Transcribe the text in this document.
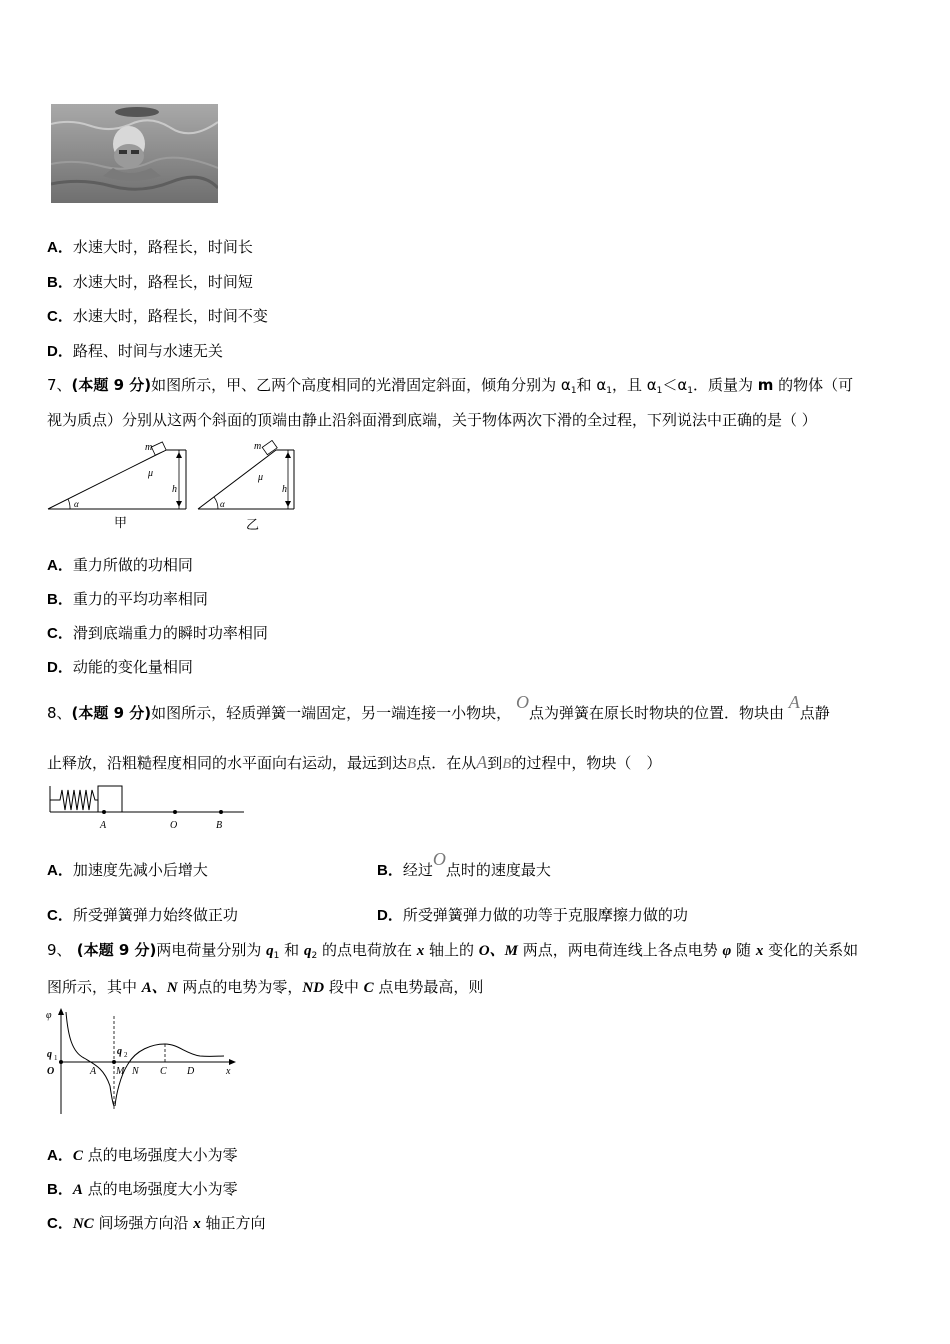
A．水速大时，路程长，时间长
B．水速大时，路程长，时间短
C．水速大时，路程长，时间不变
D．路程、时间与水速无关
7、(本题 9 分)如图所示，甲、乙两个高度相同的光滑固定斜面，倾角分别为 $\alpha_1$和 $\alpha_1$，且 $\alpha_1<\alpha_1$．质量为 m 的物体（可
视为质点）分别从这两个斜面的顶端由静止沿斜面滑到底端，关于物体两次下滑的全过程，下列说法中正确的是（ ）
m
μ
h
α
甲
m
μ
h
α
乙
A．重力所做的功相同
B．重力的平均功率相同
C．滑到底端重力的瞬时功率相同
D．动能的变化量相同
8、(本题 9 分)如图所示，轻质弹簧一端固定，另一端连接一小物块， O点为弹簧在原长时物块的位置．物块由 A点静
止释放，沿粗糙程度相同的水平面向右运动，最远到达B点．在从A到B的过程中，物块（　）
A	O	B
A．加速度先减小后增大	B．经过O点时的速度最大
C．所受弹簧弹力始终做正功	D．所受弹簧弹力做的功等于克服摩擦力做的功
9、 (本题 9 分)两电荷量分别为 $q_1$ 和 $q_2$ 的点电荷放在 x 轴上的 O、M 两点，两电荷连线上各点电势 φ 随 x 变化的关系如
图所示，其中 A、N 两点的电势为零，ND 段中 C 点电势最高，则
φ
q 1
q 2
O	A M N C D	x
A．C 点的电场强度大小为零
B．A 点的电场强度大小为零
C．NC 间场强方向沿 x 轴正方向
